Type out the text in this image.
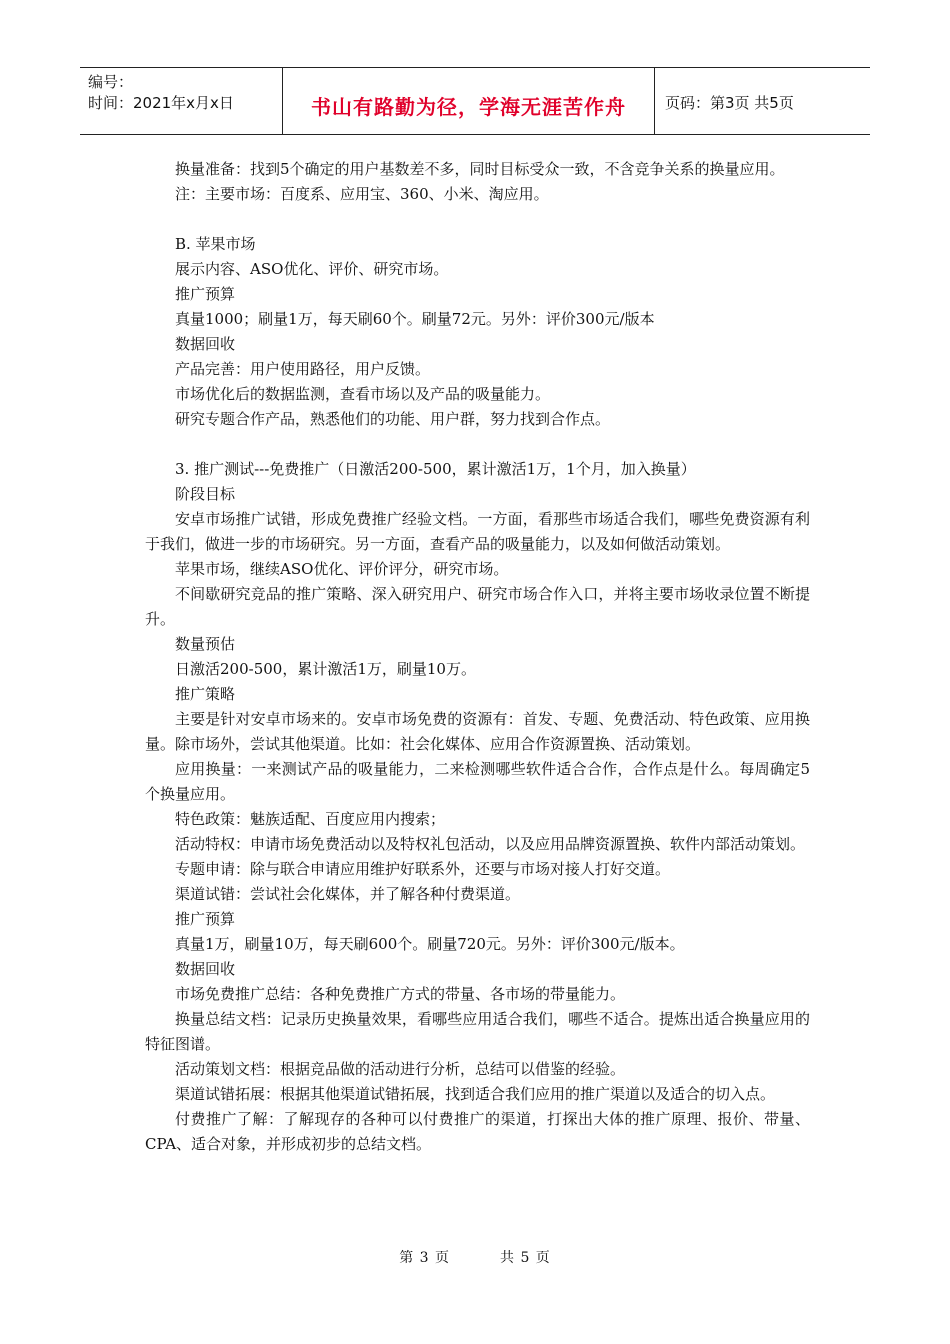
编号：
时间：2021年x月x日	书山有路勤为径，学海无涯苦作舟	页码：第3页 共5页

换量准备：找到5个确定的用户基数差不多，同时目标受众一致，不含竞争关系的换量应用。

注：主要市场：百度系、应用宝、360、小米、淘应用。

B. 苹果市场

展示内容、ASO优化、评价、研究市场。

推广预算

真量1000；刷量1万，每天刷60个。刷量72元。另外：评价300元/版本

数据回收

产品完善：用户使用路径，用户反馈。

市场优化后的数据监测，查看市场以及产品的吸量能力。

研究专题合作产品，熟悉他们的功能、用户群，努力找到合作点。

3. 推广测试---免费推广（日激活200-500，累计激活1万，1个月，加入换量）

阶段目标

安卓市场推广试错，形成免费推广经验文档。一方面，看那些市场适合我们，哪些免费资源有利于我们，做进一步的市场研究。另一方面，查看产品的吸量能力，以及如何做活动策划。

苹果市场，继续ASO优化、评价评分，研究市场。

不间歇研究竞品的推广策略、深入研究用户、研究市场合作入口，并将主要市场收录位置不断提升。

数量预估

日激活200-500，累计激活1万，刷量10万。

推广策略

主要是针对安卓市场来的。安卓市场免费的资源有：首发、专题、免费活动、特色政策、应用换量。除市场外，尝试其他渠道。比如：社会化媒体、应用合作资源置换、活动策划。

应用换量：一来测试产品的吸量能力，二来检测哪些软件适合合作，合作点是什么。每周确定5个换量应用。

特色政策：魅族适配、百度应用内搜索；

活动特权：申请市场免费活动以及特权礼包活动，以及应用品牌资源置换、软件内部活动策划。

专题申请：除与联合申请应用维护好联系外，还要与市场对接人打好交道。

渠道试错：尝试社会化媒体，并了解各种付费渠道。

推广预算

真量1万，刷量10万，每天刷600个。刷量720元。另外：评价300元/版本。

数据回收

市场免费推广总结：各种免费推广方式的带量、各市场的带量能力。

换量总结文档：记录历史换量效果，看哪些应用适合我们，哪些不适合。提炼出适合换量应用的特征图谱。

活动策划文档：根据竞品做的活动进行分析，总结可以借鉴的经验。

渠道试错拓展：根据其他渠道试错拓展，找到适合我们应用的推广渠道以及适合的切入点。

付费推广了解：了解现存的各种可以付费推广的渠道，打探出大体的推广原理、报价、带量、CPA、适合对象，并形成初步的总结文档。

第 3 页	共 5 页
